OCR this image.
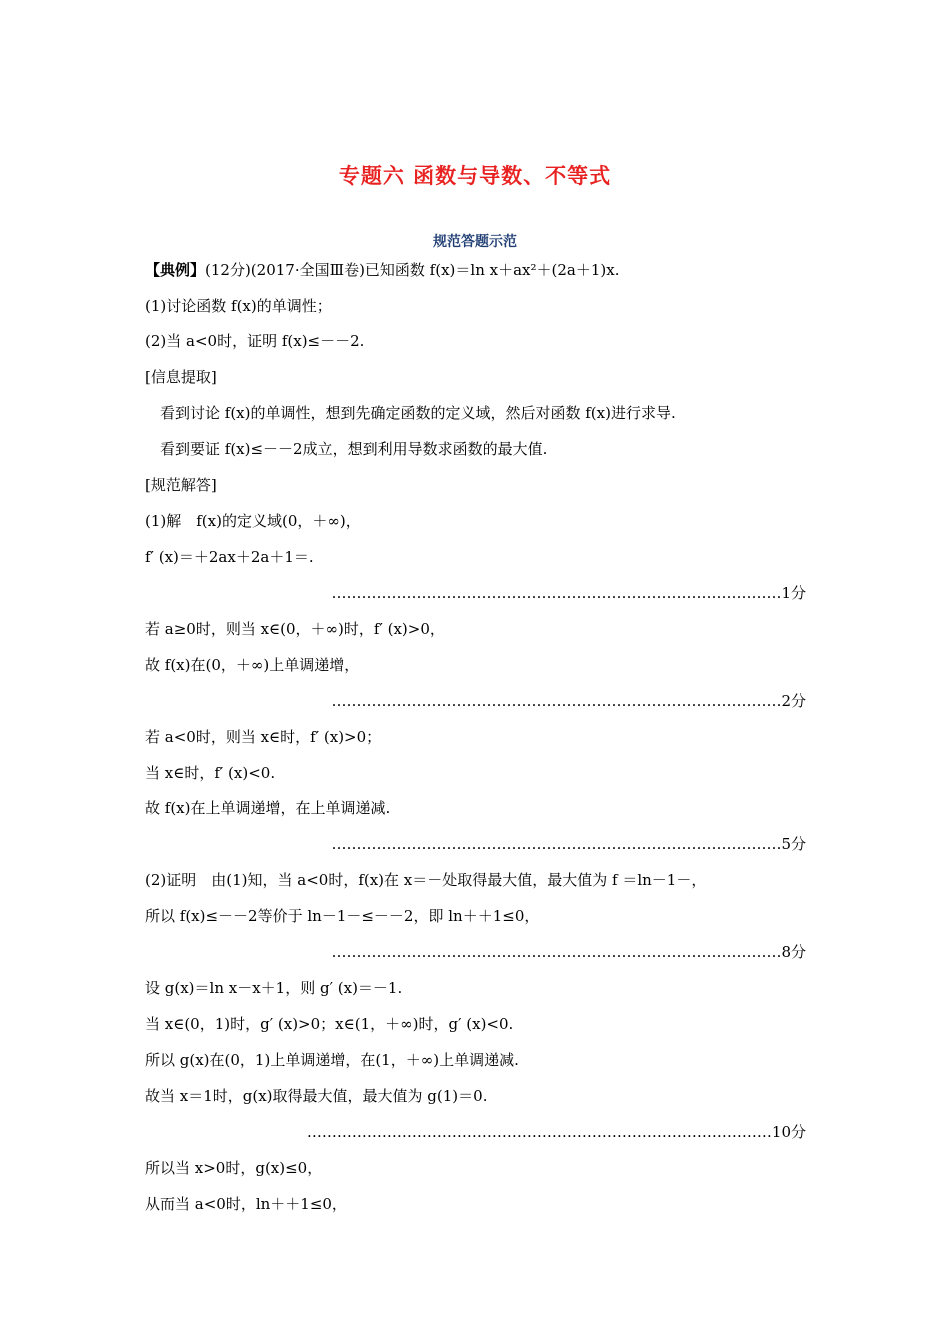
专题六 函数与导数、不等式
规范答题示范
【典例】(12分)(2017·全国Ⅲ卷)已知函数 f(x)＝ln x＋ax²＋(2a＋1)x.
(1)讨论函数 f(x)的单调性；
(2)当 a<0时，证明 f(x)≤－－2.
[信息提取]
看到讨论 f(x)的单调性，想到先确定函数的定义域，然后对函数 f(x)进行求导.
看到要证 f(x)≤－－2成立，想到利用导数求函数的最大值.
[规范解答]
(1)解　f(x)的定义域(0，＋∞)，
f′ (x)＝＋2ax＋2a＋1＝.
………………………………………………………………………………1分
若 a≥0时，则当 x∈(0，＋∞)时，f′ (x)>0，
故 f(x)在(0，＋∞)上单调递增，
………………………………………………………………………………2分
若 a<0时，则当 x∈时，f′ (x)>0；
当 x∈时，f′ (x)<0.
故 f(x)在上单调递增，在上单调递减.
………………………………………………………………………………5分
(2)证明　由(1)知，当 a<0时，f(x)在 x＝－处取得最大值，最大值为 f ＝ln－1－，
所以 f(x)≤－－2等价于 ln－1－≤－－2，即 ln＋＋1≤0，
………………………………………………………………………………8分
设 g(x)＝ln x－x＋1，则 g′ (x)＝－1.
当 x∈(0，1)时，g′ (x)>0；x∈(1，＋∞)时，g′ (x)<0.
所以 g(x)在(0，1)上单调递增，在(1，＋∞)上单调递减.
故当 x＝1时，g(x)取得最大值，最大值为 g(1)＝0.
…………………………………………………………………………………10分
所以当 x>0时，g(x)≤0，
从而当 a<0时，ln＋＋1≤0，
